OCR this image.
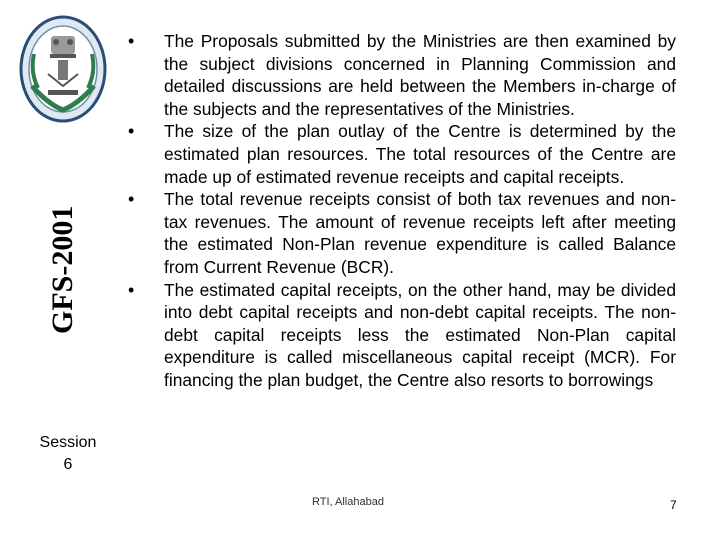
GFS-2001
Session
6
• The Proposals submitted by the Ministries are then examined by the subject divisions concerned in Planning Commission and detailed discussions are held between the Members in-charge of the subjects and the representatives of the Ministries.
• The size of the plan outlay of the Centre is determined by the estimated plan resources. The total resources of the Centre are made up of estimated revenue receipts and capital receipts.
• The total revenue receipts consist of both tax revenues and non-tax revenues. The amount of revenue receipts left after meeting the estimated Non-Plan revenue expenditure is called Balance from Current Revenue (BCR).
• The estimated capital receipts, on the other hand, may be divided into debt capital receipts and non-debt capital receipts. The non-debt capital receipts less the estimated Non-Plan capital expenditure is called miscellaneous capital receipt (MCR). For financing the plan budget, the Centre also resorts to borrowings
RTI, Allahabad	7
